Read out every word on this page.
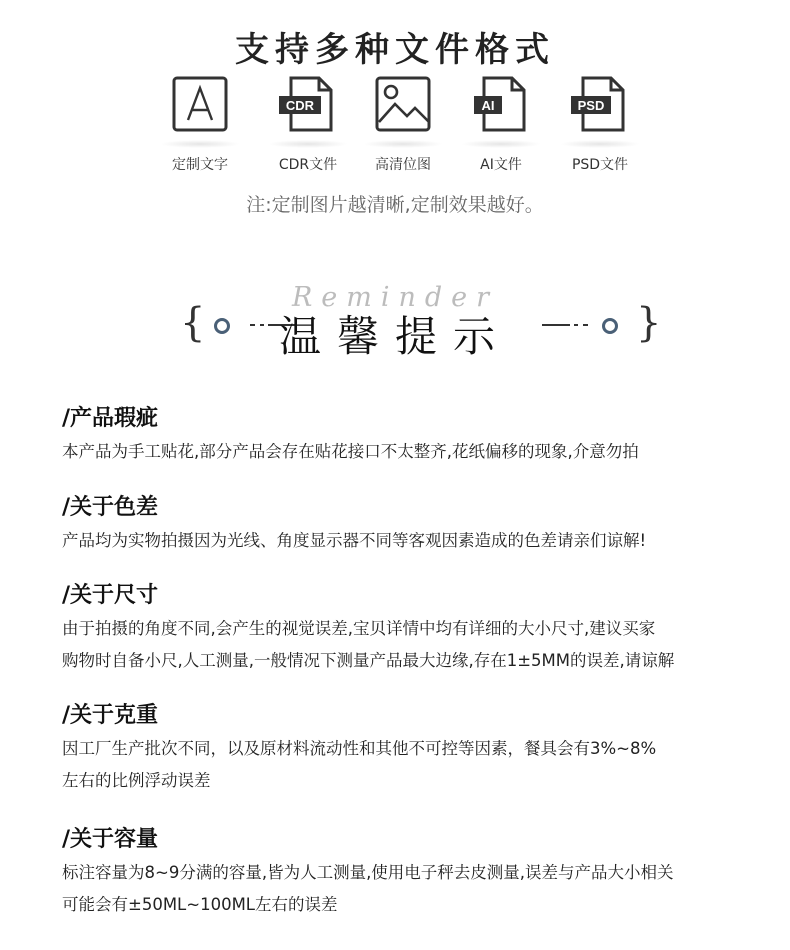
支持多种文件格式
定制文字
CDR
CDR文件	高清位图
AI
AI文件
PSD
PSD文件
注:定制图片越清晰,定制效果越好。
Reminder
{	温馨提示	}
/产品瑕疵
本产品为手工贴花,部分产品会存在贴花接口不太整齐,花纸偏移的现象,介意勿拍
/关于色差
产品均为实物拍摄因为光线、角度显示器不同等客观因素造成的色差请亲们谅解!
/关于尺寸
由于拍摄的角度不同,会产生的视觉误差,宝贝详情中均有详细的大小尺寸,建议买家
购物时自备小尺,人工测量,一般情况下测量产品最大边缘,存在1±5MM的误差,请谅解
/关于克重
因工厂生产批次不同，以及原材料流动性和其他不可控等因素，餐具会有3%~8%
左右的比例浮动误差
/关于容量
标注容量为8~9分满的容量,皆为人工测量,使用电子秤去皮测量,误差与产品大小相关
可能会有±50ML~100ML左右的误差
